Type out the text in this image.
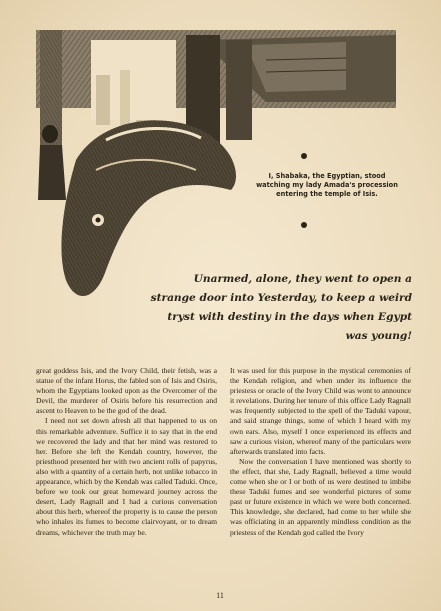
I, Shabaka, the Egyptian, stood watching my lady Amada's procession entering the temple of Isis.
Unarmed, alone, they went to open a strange door into Yesterday, to keep a weird tryst with destiny in the days when Egypt was young!

great goddess Isis, and the Ivory Child, their fetish, was a statue of the infant Horus, the fabled son of Isis and Osiris, whom the Egyptians looked upon as the Overcomer of the Devil, the murderer of Osiris before his resurrection and ascent to Heaven to be the god of the dead.

I need not set down afresh all that happened to us on this remarkable adventure. Suffice it to say that in the end we recovered the lady and that her mind was restored to her. Before she left the Kendah country, however, the priesthood presented her with two ancient rolls of papyrus, also with a quantity of a certain herb, not unlike tobacco in appearance, which by the Kendah was called Taduki. Once, before we took our great homeward journey across the desert, Lady Ragnall and I had a curious conversation about this herb, whereof the property is to cause the person who inhales its fumes to become clairvoyant, or to dream dreams, whichever the truth may be.

It was used for this purpose in the mystical ceremonies of the Kendah religion, and when under its influence the priestess or oracle of the Ivory Child was wont to announce it revelations. During her tenure of this office Lady Ragnall was frequently subjected to the spell of the Taduki vapour, and said strange things, some of which I heard with my own ears. Also, myself I once experienced its effects and saw a curious vision, whereof many of the particulars were afterwards translated into facts.

Now the conversation I have mentioned was shortly to the effect, that she, Lady Ragnall, believed a time would come when she or I or both of us were destined to imbibe these Taduki fumes and see wonderful pictures of some past or future existence in which we were both concerned. This knowledge, she declared, had come to her while she was officiating in an apparently mindless condition as the priestess of the Kendah god called the Ivory

11
